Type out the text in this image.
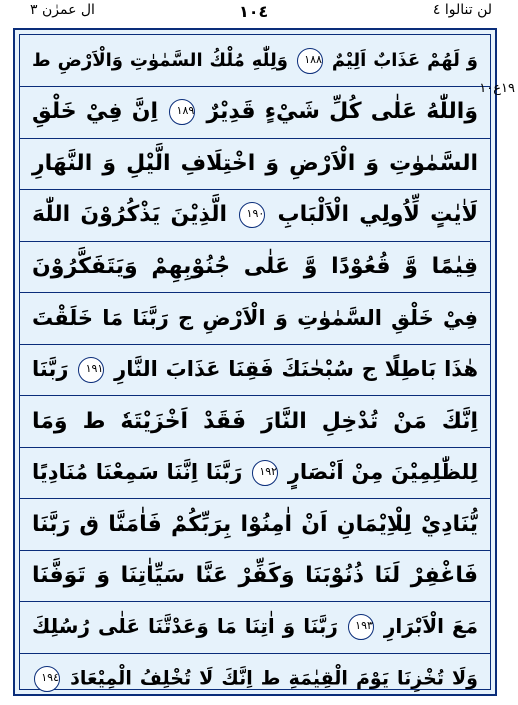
ال عمرٰن ٣	١٠٤	لن تنالوا ٤
وَ لَهُمْ عَذَابٌ اَلِيْمٌ ١٨٨ وَلِلّٰهِ مُلْكُ السَّمٰوٰتِ وَالْاَرْضِ ط
وَاللّٰهُ عَلٰى كُلِّ شَيْءٍ قَدِيْرٌ ١٨٩ اِنَّ فِيْ خَلْقِ
السَّمٰوٰتِ وَ الْاَرْضِ وَ اخْتِلَافِ الَّيْلِ وَ النَّهَارِ
لَاٰيٰتٍ لِّاُولِي الْاَلْبَابِ ١٩٠ الَّذِيْنَ يَذْكُرُوْنَ اللّٰهَ
قِيٰمًا وَّ قُعُوْدًا وَّ عَلٰى جُنُوْبِهِمْ وَيَتَفَكَّرُوْنَ
فِيْ خَلْقِ السَّمٰوٰتِ وَ الْاَرْضِ ج رَبَّنَا مَا خَلَقْتَ
هٰذَا بَاطِلًا ج سُبْحٰنَكَ فَقِنَا عَذَابَ النَّارِ ١٩١ رَبَّنَا
اِنَّكَ مَنْ تُدْخِلِ النَّارَ فَقَدْ اَخْزَيْتَهٗ ط وَمَا
لِلظّٰلِمِيْنَ مِنْ اَنْصَارٍ ١٩٢ رَبَّنَا اِنَّنَا سَمِعْنَا مُنَادِيًا
يُّنَادِيْ لِلْاِيْمَانِ اَنْ اٰمِنُوْا بِرَبِّكُمْ فَاٰمَنَّا ق رَبَّنَا
فَاغْفِرْ لَنَا ذُنُوْبَنَا وَكَفِّرْ عَنَّا سَيِّاٰتِنَا وَ تَوَفَّنَا
مَعَ الْاَبْرَارِ ١٩٣ رَبَّنَا وَ اٰتِنَا مَا وَعَدْتَّنَا عَلٰى رُسُلِكَ
وَلَا تُخْزِنَا يَوْمَ الْقِيٰمَةِ ط اِنَّكَ لَا تُخْلِفُ الْمِيْعَادَ ١٩٤
١٩ع١٠
